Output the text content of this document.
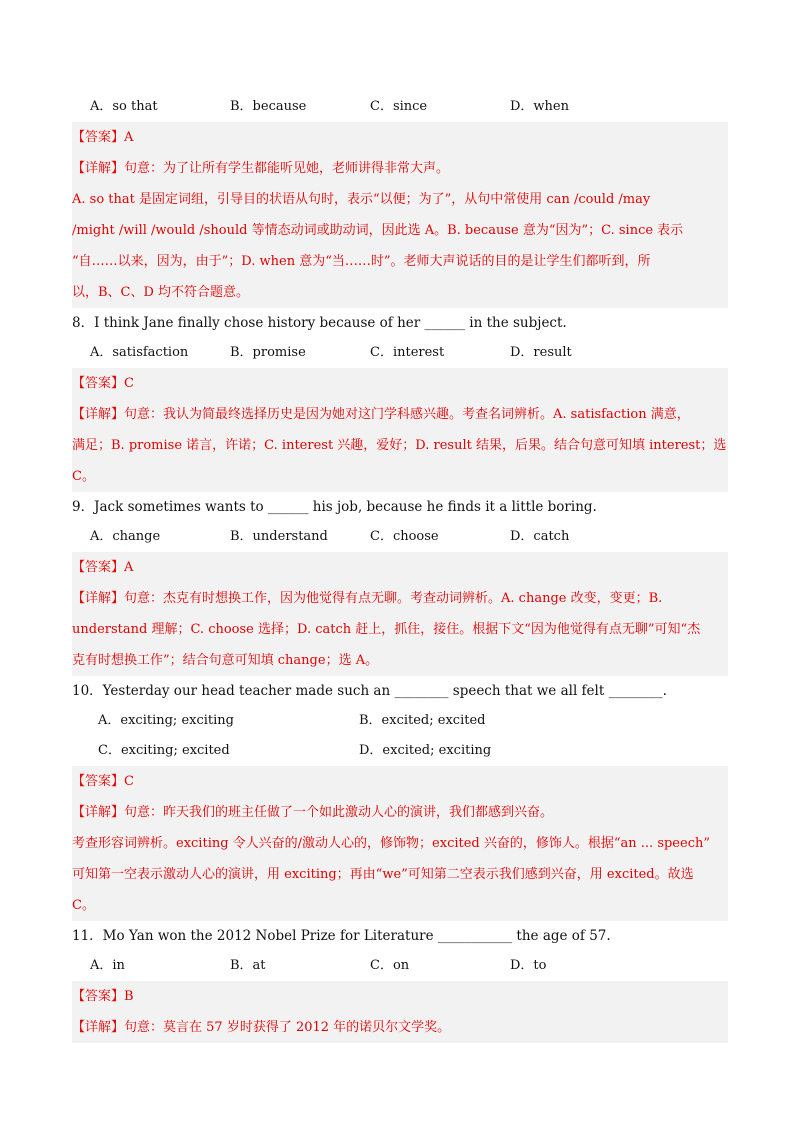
A．so that	B．because	C．since	D．when
【答案】A
【详解】句意：为了让所有学生都能听见她，老师讲得非常大声。
A. so that 是固定词组，引导目的状语从句时，表示“以便；为了”，从句中常使用 can /could /may
/might /will /would /should 等情态动词或助动词，因此选 A。B. because 意为“因为”；C. since 表示
“自……以来，因为，由于”；D. when 意为“当……时”。老师大声说话的目的是让学生们都听到，所
以，B、C、D 均不符合题意。
8．I think Jane finally chose history because of her ______ in the subject.
A．satisfaction	B．promise	C．interest	D．result
【答案】C
【详解】句意：我认为简最终选择历史是因为她对这门学科感兴趣。考查名词辨析。A. satisfaction 满意，
满足；B. promise 诺言，许诺；C. interest 兴趣，爱好；D. result 结果，后果。结合句意可知填 interest；选
C。
9．Jack sometimes wants to ______ his job, because he finds it a little boring.
A．change	B．understand	C．choose	D．catch
【答案】A
【详解】句意：杰克有时想换工作，因为他觉得有点无聊。考查动词辨析。A. change 改变，变更；B.
understand 理解；C. choose 选择；D. catch 赶上，抓住，接住。根据下文“因为他觉得有点无聊”可知“杰
克有时想换工作”；结合句意可知填 change；选 A。
10．Yesterday our head teacher made such an ________ speech that we all felt ________.
A．exciting; exciting	B．excited; excited
C．exciting; excited	D．excited; exciting
【答案】C
【详解】句意：昨天我们的班主任做了一个如此激动人心的演讲，我们都感到兴奋。
考查形容词辨析。exciting 令人兴奋的/激动人心的，修饰物；excited 兴奋的，修饰人。根据“an ... speech”
可知第一空表示激动人心的演讲，用 exciting；再由“we”可知第二空表示我们感到兴奋，用 excited。故选
C。
11．Mo Yan won the 2012 Nobel Prize for Literature ___________ the age of 57.
A．in	B．at	C．on	D．to
【答案】B
【详解】句意：莫言在 57 岁时获得了 2012 年的诺贝尔文学奖。
